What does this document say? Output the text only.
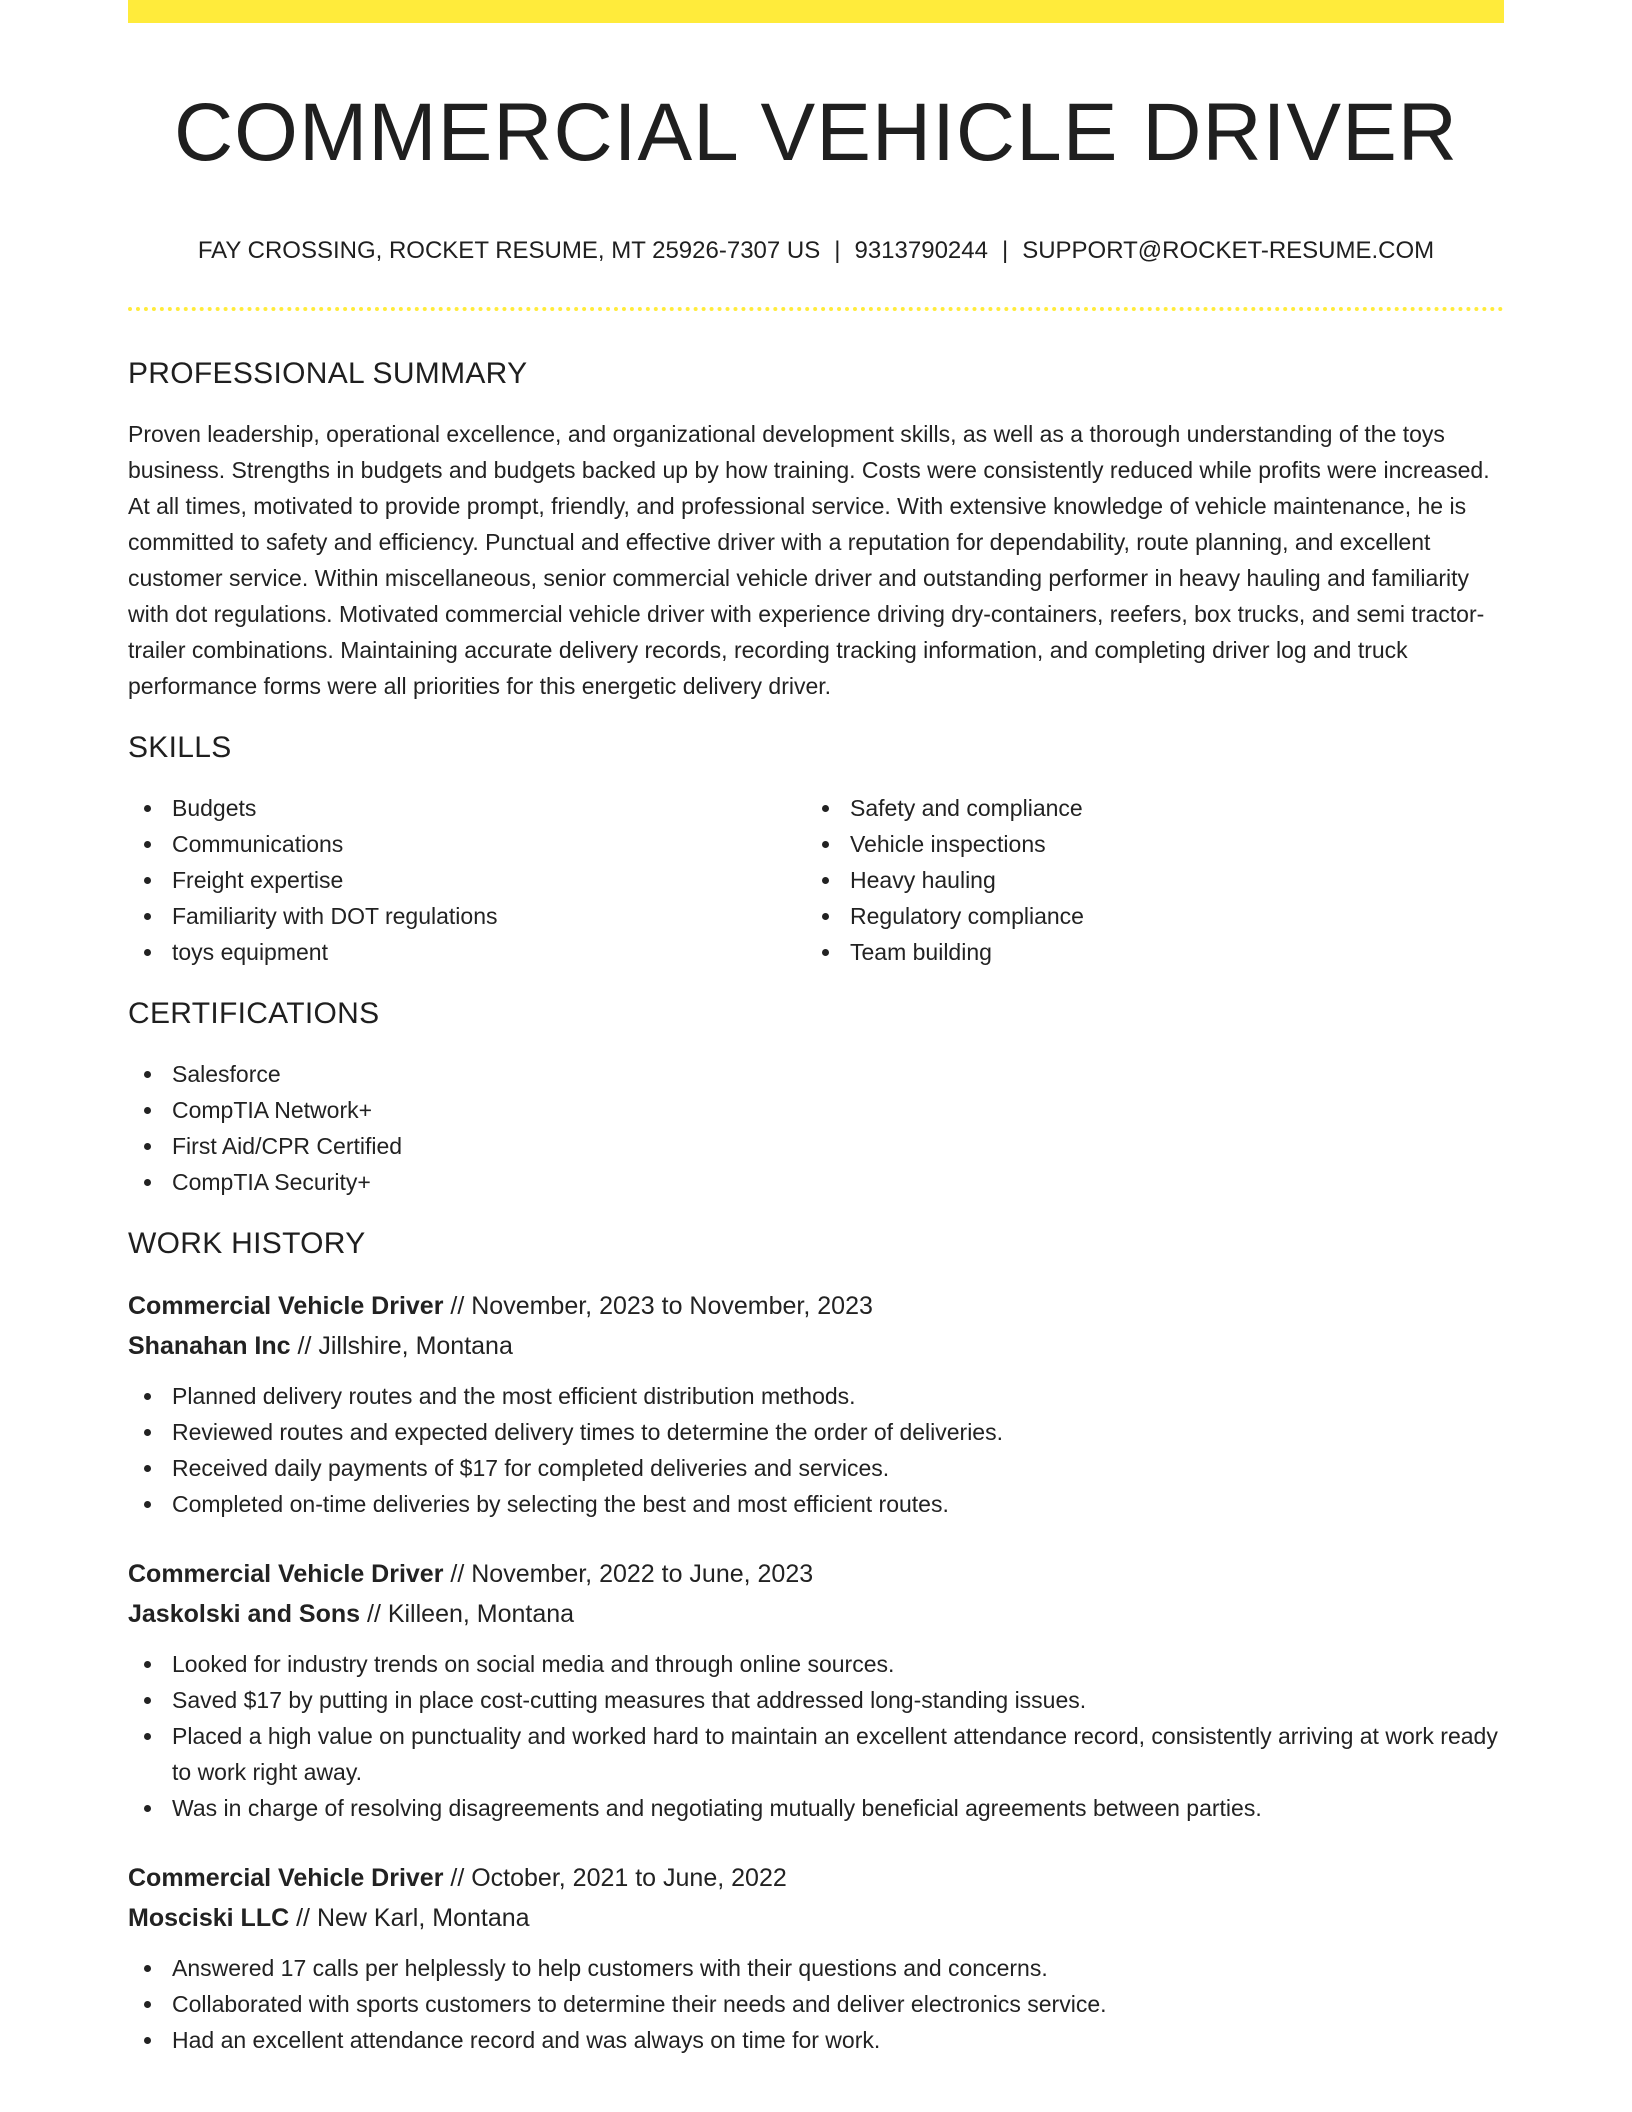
COMMERCIAL VEHICLE DRIVER
FAY CROSSING, ROCKET RESUME, MT 25926-7307 US | 9313790244 | SUPPORT@ROCKET-RESUME.COM
PROFESSIONAL SUMMARY

Proven leadership, operational excellence, and organizational development skills, as well as a thorough understanding of the toys business. Strengths in budgets and budgets backed up by how training. Costs were consistently reduced while profits were increased. At all times, motivated to provide prompt, friendly, and professional service. With extensive knowledge of vehicle maintenance, he is committed to safety and efficiency. Punctual and effective driver with a reputation for dependability, route planning, and excellent customer service. Within miscellaneous, senior commercial vehicle driver and outstanding performer in heavy hauling and familiarity with dot regulations. Motivated commercial vehicle driver with experience driving dry-containers, reefers, box trucks, and semi tractor-trailer combinations. Maintaining accurate delivery records, recording tracking information, and completing driver log and truck performance forms were all priorities for this energetic delivery driver.

SKILLS
Budgets
Communications
Freight expertise
Familiarity with DOT regulations
toys equipment
Safety and compliance
Vehicle inspections
Heavy hauling
Regulatory compliance
Team building
CERTIFICATIONS
Salesforce
CompTIA Network+
First Aid/CPR Certified
CompTIA Security+
WORK HISTORY
Commercial Vehicle Driver // November, 2023 to November, 2023
Shanahan Inc // Jillshire, Montana
Planned delivery routes and the most efficient distribution methods.
Reviewed routes and expected delivery times to determine the order of deliveries.
Received daily payments of $17 for completed deliveries and services.
Completed on-time deliveries by selecting the best and most efficient routes.
Commercial Vehicle Driver // November, 2022 to June, 2023
Jaskolski and Sons // Killeen, Montana
Looked for industry trends on social media and through online sources.
Saved $17 by putting in place cost-cutting measures that addressed long-standing issues.
Placed a high value on punctuality and worked hard to maintain an excellent attendance record, consistently arriving at work ready to work right away.
Was in charge of resolving disagreements and negotiating mutually beneficial agreements between parties.
Commercial Vehicle Driver // October, 2021 to June, 2022
Mosciski LLC // New Karl, Montana
Answered 17 calls per helplessly to help customers with their questions and concerns.
Collaborated with sports customers to determine their needs and deliver electronics service.
Had an excellent attendance record and was always on time for work.
